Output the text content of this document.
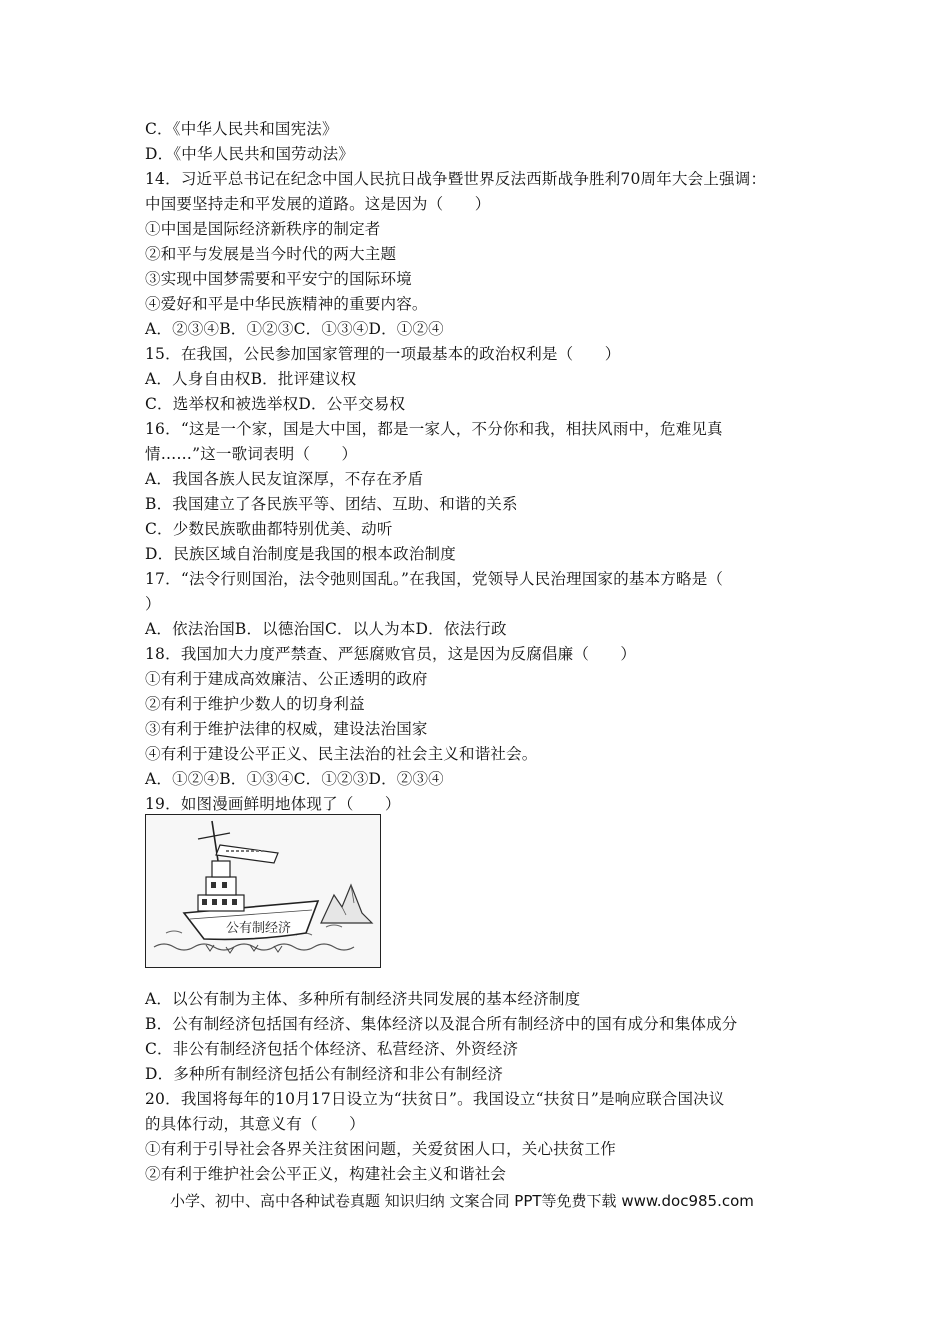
C．《中华人民共和国宪法》
D．《中华人民共和国劳动法》
14．习近平总书记在纪念中国人民抗日战争暨世界反法西斯战争胜利70周年大会上强调：
中国要坚持走和平发展的道路。这是因为（　　）
①中国是国际经济新秩序的制定者
②和平与发展是当今时代的两大主题
③实现中国梦需要和平安宁的国际环境
④爱好和平是中华民族精神的重要内容。
A．②③④B．①②③C．①③④D．①②④
15．在我国，公民参加国家管理的一项最基本的政治权利是（　　）
A．人身自由权B．批评建议权
C．选举权和被选举权D．公平交易权
16．“这是一个家，国是大中国，都是一家人，不分你和我，相扶风雨中，危难见真
情……”这一歌词表明（　　）
A．我国各族人民友谊深厚，不存在矛盾
B．我国建立了各民族平等、团结、互助、和谐的关系
C．少数民族歌曲都特别优美、动听
D．民族区域自治制度是我国的根本政治制度
17．“法令行则国治，法令弛则国乱。”在我国，党领导人民治理国家的基本方略是（
）
A．依法治国B．以德治国C．以人为本D．依法行政
18．我国加大力度严禁查、严惩腐败官员，这是因为反腐倡廉（　　）
①有利于建成高效廉洁、公正透明的政府
②有利于维护少数人的切身利益
③有利于维护法律的权威，建设法治国家
④有利于建设公平正义、民主法治的社会主义和谐社会。
A．①②④B．①③④C．①②③D．②③④
19．如图漫画鲜明地体现了（　　）
公有制经济
A．以公有制为主体、多种所有制经济共同发展的基本经济制度
B．公有制经济包括国有经济、集体经济以及混合所有制经济中的国有成分和集体成分
C．非公有制经济包括个体经济、私营经济、外资经济
D．多种所有制经济包括公有制经济和非公有制经济
20．我国将每年的10月17日设立为“扶贫日”。我国设立“扶贫日”是响应联合国决议
的具体行动，其意义有（　　）
①有利于引导社会各界关注贫困问题，关爱贫困人口，关心扶贫工作
②有利于维护社会公平正义，构建社会主义和谐社会
小学、初中、高中各种试卷真题 知识归纳 文案合同 PPT等免费下载 www.doc985.com
